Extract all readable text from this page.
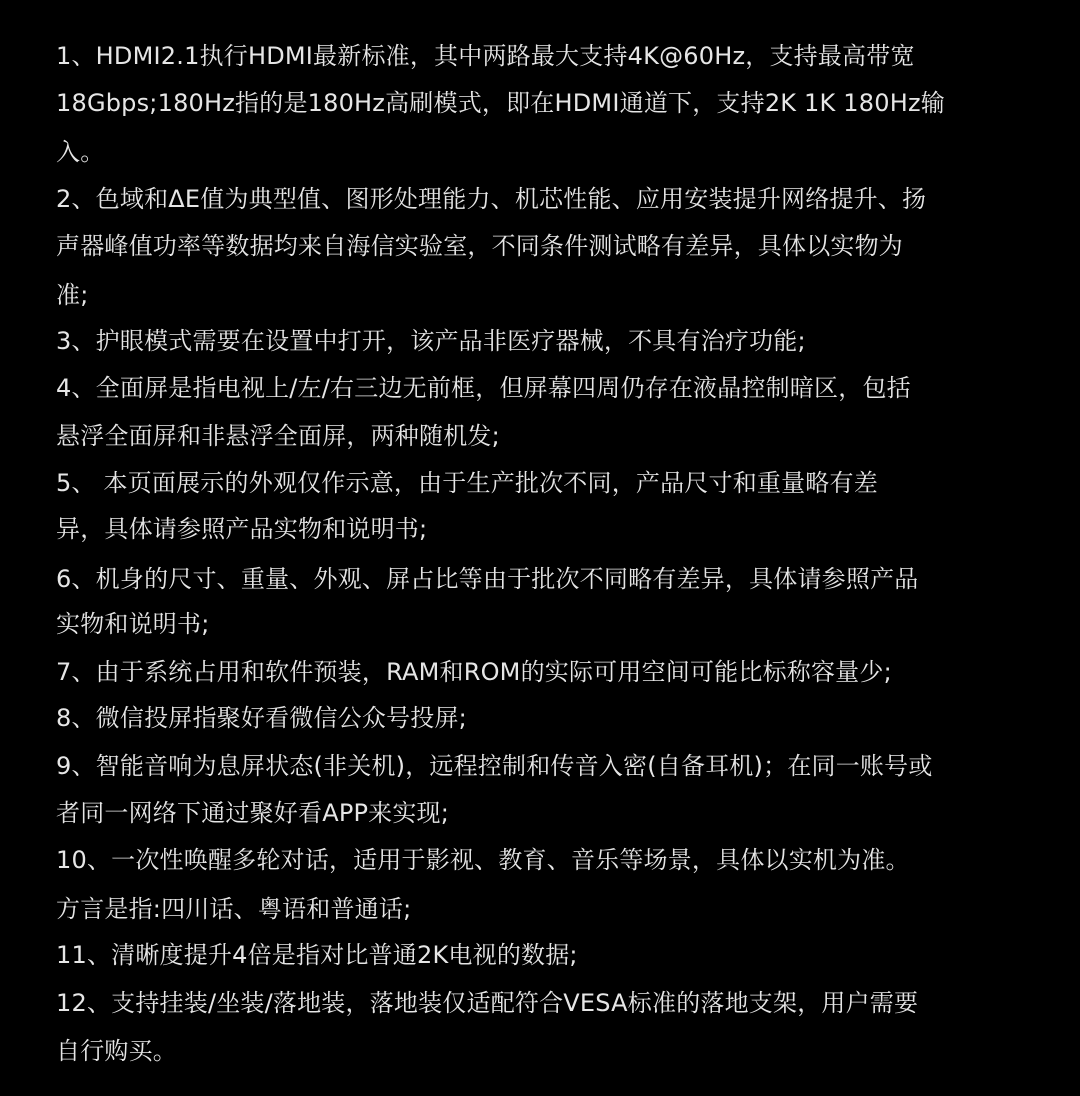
1、HDMI2.1执行HDMI最新标准，其中两路最大支持4K@60Hz，支持最高带宽
18Gbps;180Hz指的是180Hz高刷模式，即在HDMI通道下，支持2K 1K 180Hz输
入。
2、色域和ΔE值为典型值、图形处理能力、机芯性能、应用安装提升网络提升、扬
声器峰值功率等数据均来自海信实验室，不同条件测试略有差异，具体以实物为
准;
3、护眼模式需要在设置中打开，该产品非医疗器械，不具有治疗功能;
4、全面屏是指电视上/左/右三边无前框，但屏幕四周仍存在液晶控制暗区，包括
悬浮全面屏和非悬浮全面屏，两种随机发;
5、 本页面展示的外观仅作示意，由于生产批次不同，产品尺寸和重量略有差
异，具体请参照产品实物和说明书;
6、机身的尺寸、重量、外观、屏占比等由于批次不同略有差异，具体请参照产品
实物和说明书;
7、由于系统占用和软件预装，RAM和ROM的实际可用空间可能比标称容量少;
8、微信投屏指聚好看微信公众号投屏;
9、智能音响为息屏状态(非关机)，远程控制和传音入密(自备耳机)；在同一账号或
者同一网络下通过聚好看APP来实现;
10、一次性唤醒多轮对话，适用于影视、教育、音乐等场景，具体以实机为准。
方言是指:四川话、粤语和普通话;
11、清晰度提升4倍是指对比普通2K电视的数据;
12、支持挂装/坐装/落地装，落地装仅适配符合VESA标准的落地支架，用户需要
自行购买。
